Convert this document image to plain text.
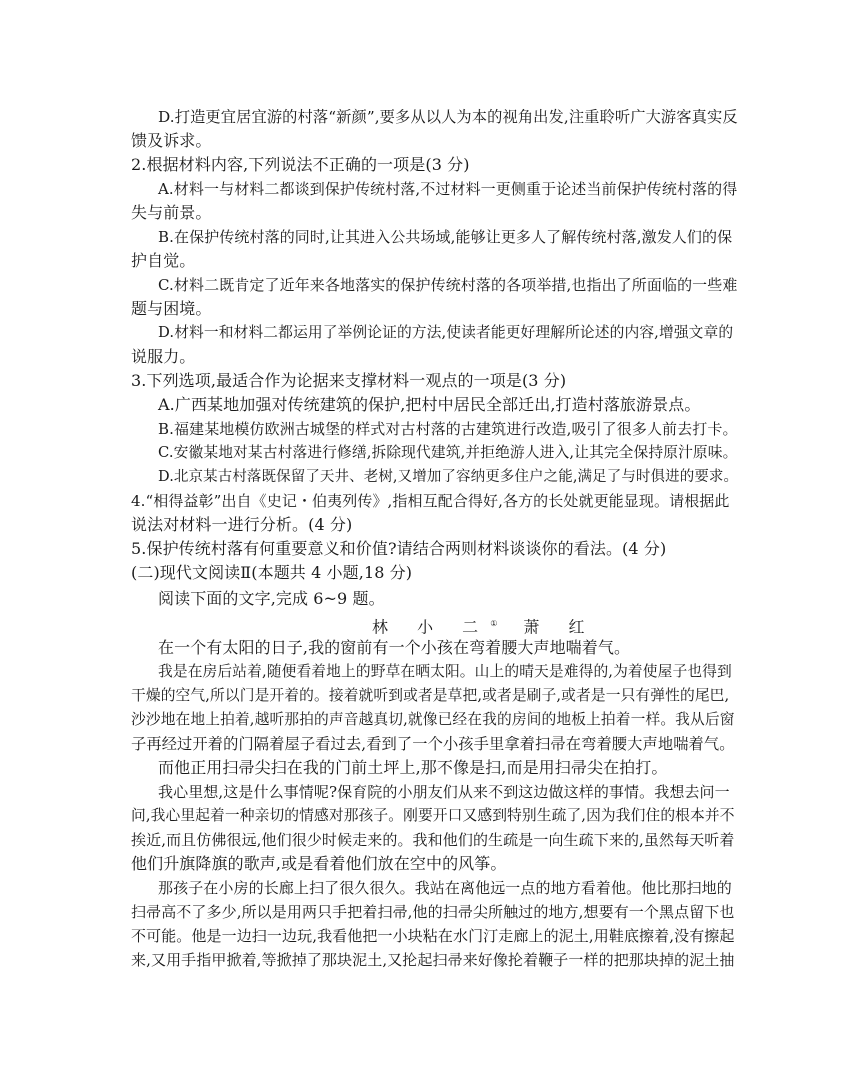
D.打造更宜居宜游的村落“新颜”,要多从以人为本的视角出发,注重聆听广大游客真实反
馈及诉求。
2.根据材料内容,下列说法不正确的一项是(3 分)
A.材料一与材料二都谈到保护传统村落,不过材料一更侧重于论述当前保护传统村落的得
失与前景。
B.在保护传统村落的同时,让其进入公共场域,能够让更多人了解传统村落,激发人们的保
护自觉。
C.材料二既肯定了近年来各地落实的保护传统村落的各项举措,也指出了所面临的一些难
题与困境。
D.材料一和材料二都运用了举例论证的方法,使读者能更好理解所论述的内容,增强文章的
说服力。
3.下列选项,最适合作为论据来支撑材料一观点的一项是(3 分)
A.广西某地加强对传统建筑的保护,把村中居民全部迁出,打造村落旅游景点。
B.福建某地模仿欧洲古城堡的样式对古村落的古建筑进行改造,吸引了很多人前去打卡。
C.安徽某地对某古村落进行修缮,拆除现代建筑,并拒绝游人进入,让其完全保持原汁原味。
D.北京某古村落既保留了天井、老树,又增加了容纳更多住户之能,满足了与时俱进的要求。
4.“相得益彰”出自《史记・伯夷列传》,指相互配合得好,各方的长处就更能显现。请根据此
说法对材料一进行分析。(4 分)
5.保护传统村落有何重要意义和价值?请结合两则材料谈谈你的看法。(4 分)
(二)现代文阅读Ⅱ(本题共 4 小题,18 分)
阅读下面的文字,完成 6~9 题。
林 小 二① 萧 红
在一个有太阳的日子,我的窗前有一个小孩在弯着腰大声地喘着气。
我是在房后站着,随便看着地上的野草在晒太阳。山上的晴天是难得的,为着使屋子也得到
干燥的空气,所以门是开着的。接着就听到或者是草把,或者是刷子,或者是一只有弹性的尾巴,
沙沙地在地上拍着,越听那拍的声音越真切,就像已经在我的房间的地板上拍着一样。我从后窗
子再经过开着的门隔着屋子看过去,看到了一个小孩手里拿着扫帚在弯着腰大声地喘着气。
而他正用扫帚尖扫在我的门前土坪上,那不像是扫,而是用扫帚尖在拍打。
我心里想,这是什么事情呢?保育院的小朋友们从来不到这边做这样的事情。我想去问一
问,我心里起着一种亲切的情感对那孩子。刚要开口又感到特别生疏了,因为我们住的根本并不
挨近,而且仿佛很远,他们很少时候走来的。我和他们的生疏是一向生疏下来的,虽然每天听着
他们升旗降旗的歌声,或是看着他们放在空中的风筝。
那孩子在小房的长廊上扫了很久很久。我站在离他远一点的地方看着他。他比那扫地的
扫帚高不了多少,所以是用两只手把着扫帚,他的扫帚尖所触过的地方,想要有一个黑点留下也
不可能。他是一边扫一边玩,我看他把一小块粘在水门汀走廊上的泥土,用鞋底擦着,没有擦起
来,又用手指甲掀着,等掀掉了那块泥土,又抡起扫帚来好像抡着鞭子一样的把那块掉的泥土抽
